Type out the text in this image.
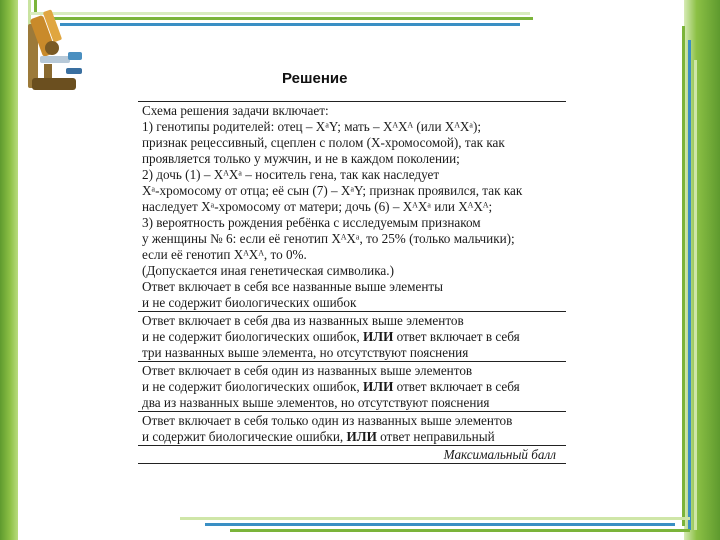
Решение

Схема решения задачи включает:

1) генотипы родителей: отец – XᵃY; мать – XᴬXᴬ (или XᴬXᵃ);

признак рецессивный, сцеплен с полом (X-хромосомой), так как

проявляется только у мужчин, и не в каждом поколении;

2) дочь (1) – XᴬXᵃ – носитель гена, так как наследует

Xᵃ-хромосому от отца; её сын (7) – XᵃY; признак проявился, так как

наследует Xᵃ-хромосому от матери; дочь (6) – XᴬXᵃ или XᴬXᴬ;

3) вероятность рождения ребёнка с исследуемым признаком

у женщины № 6: если её генотип XᴬXᵃ, то 25% (только мальчики);

если её генотип XᴬXᴬ, то 0%.

(Допускается иная генетическая символика.)

Ответ включает в себя все названные выше элементы

и не содержит биологических ошибок

Ответ включает в себя два из названных выше элементов

и не содержит биологических ошибок, ИЛИ ответ включает в себя

три названных выше элемента, но отсутствуют пояснения

Ответ включает в себя один из названных выше элементов

и не содержит биологических ошибок, ИЛИ ответ включает в себя

два из названных выше элементов, но отсутствуют пояснения

Ответ включает в себя только один из названных выше элементов

и содержит биологические ошибки, ИЛИ ответ неправильный

Максимальный балл
